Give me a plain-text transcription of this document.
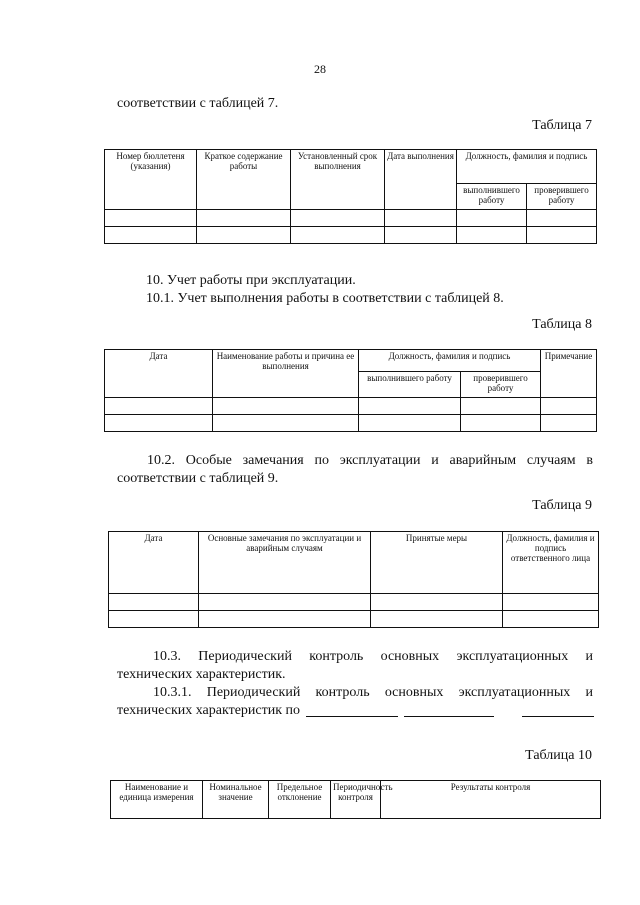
28
соответствии с таблицей 7.
Таблица 7
Номер бюллетеня (указания)	Краткое содержание работы	Установленный срок выполнения	Дата выполнения	Должность, фамилия и подпись	
				выполнившего работу	проверившего работу

10. Учет работы при эксплуатации.
10.1. Учет выполнения работы в соответствии с таблицей 8.
Таблица 8
Дата	Наименование работы и причина ее выполнения	Должность, фамилия и подпись		Примечание
		выполнившего работу	проверившего работу	

10.2. Особые замечания по эксплуатации и аварийным случаям в
соответствии с таблицей 9.
Таблица 9
Дата	Основные замечания по эксплуатации и аварийным случаям	Принятые меры	Должность, фамилия и подпись ответственного лица

10.3. Периодический контроль основных эксплуатационных и
технических характеристик.
10.3.1. Периодический контроль основных эксплуатационных и
технических характеристик по
Таблица 10
Наименование и единица измерения	Номинальное значение	Предельное отклонение	Периодичность контроля	Результаты контроля
